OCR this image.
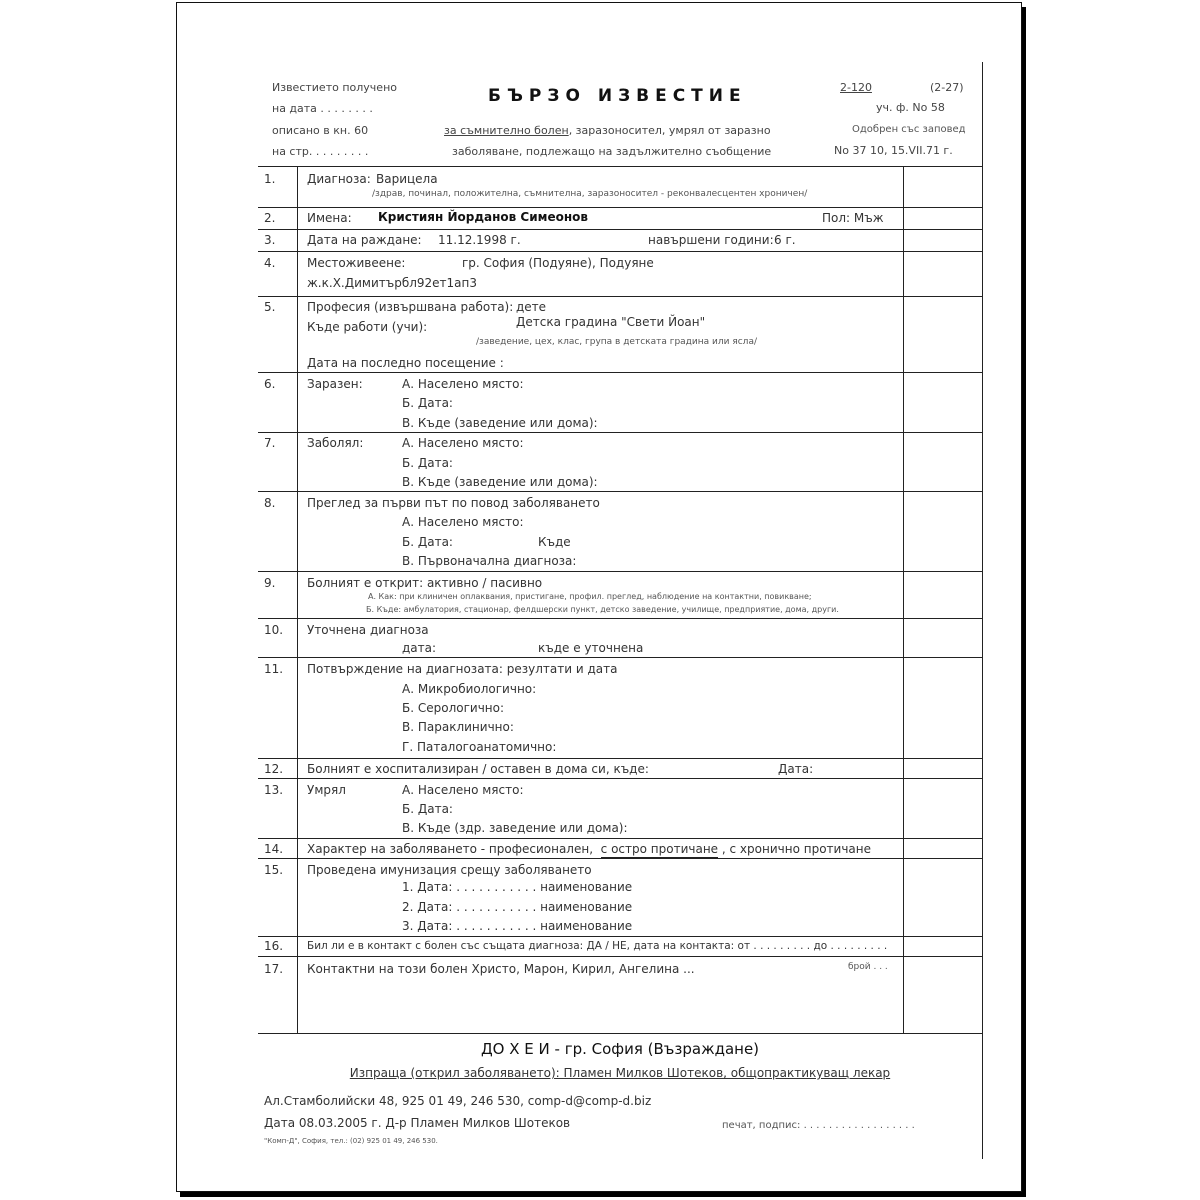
Известието получено
на дата . . . . . . . .
описано в кн. 60
на стр. . . . . . . . .
БЪРЗО ИЗВЕСТИЕ
за съмнително болен, заразоносител, умрял от заразно
заболяване, подлежащо на задължително съобщение
2-120	(2-27)
уч. ф. No 58
Одобрен със заповед
No 37 10, 15.VII.71 г.
1.	Диагноза: Варицела
/здрав, починал, положителна, съмнителна, заразоносител - реконвалесцентен хроничен/
2.	Имена: Кристиян Йорданов Симеонов	Пол: Мъж
3.	Дата на раждане: 11.12.1998 г.	навършени години: 6 г.
4.	Местоживеене:	гр. София (Подуяне), Подуяне
ж.к.Х.Димитърбл92ет1ап3
5.	Професия (извършвана работа): дете
Къде работи (учи):	Детска градина "Свети Йоан"
/заведение, цех, клас, група в детската градина или ясла/
Дата на последно посещение :
6.	Заразен:	А. Населено място:
Б. Дата:
В. Къде (заведение или дома):
7.	Заболял:	А. Населено място:
Б. Дата:
В. Къде (заведение или дома):
8.	Преглед за първи път по повод заболяването
А. Населено място:
Б. Дата:	Къде
В. Първоначална диагноза:
9.	Болният е открит: активно / пасивно
А. Как: при клиничен оплаквания, пристигане, профил. преглед, наблюдение на контактни, повикване;
Б. Къде: амбулатория, стационар, фелдшерски пункт, детско заведение, училище, предприятие, дома, други.
10. Уточнена диагноза
дата:	къде е уточнена
11. Потвърждение на диагнозата: резултати и дата
А. Микробиологично:
Б. Серологично:
В. Параклинично:
Г. Паталогоанатомично:
12. Болният е хоспитализиран / оставен в дома си, къде:	Дата:
13. Умрял	А. Населено място:
Б. Дата:
В. Къде (здр. заведение или дома):
14. Характер на заболяването - професионален, с остро протичане , с хронично протичане
15. Проведена имунизация срещу заболяването
1. Дата: . . . . . . . . . . . наименование
2. Дата: . . . . . . . . . . . наименование
3. Дата: . . . . . . . . . . . наименование
16. Бил ли е в контакт с болен със същата диагноза: ДА / НЕ, дата на контакта: от . . . . . . . . . до . . . . . . . . .
17. Контактни на този болен Христо, Марон, Кирил, Ангелина ...	брой . . .
ДО Х Е И - гр. София (Възраждане)
Изпраща (открил заболяването): Пламен Милков Шотеков, общопрактикуващ лекар
Ал.Стамболийски 48, 925 01 49, 246 530, comp-d@comp-d.biz
Дата 08.03.2005 г. Д-р Пламен Милков Шотеков	печат, подпис: . . . . . . . . . . . . . . . . . .
"Комп-Д", София, тел.: (02) 925 01 49, 246 530.
